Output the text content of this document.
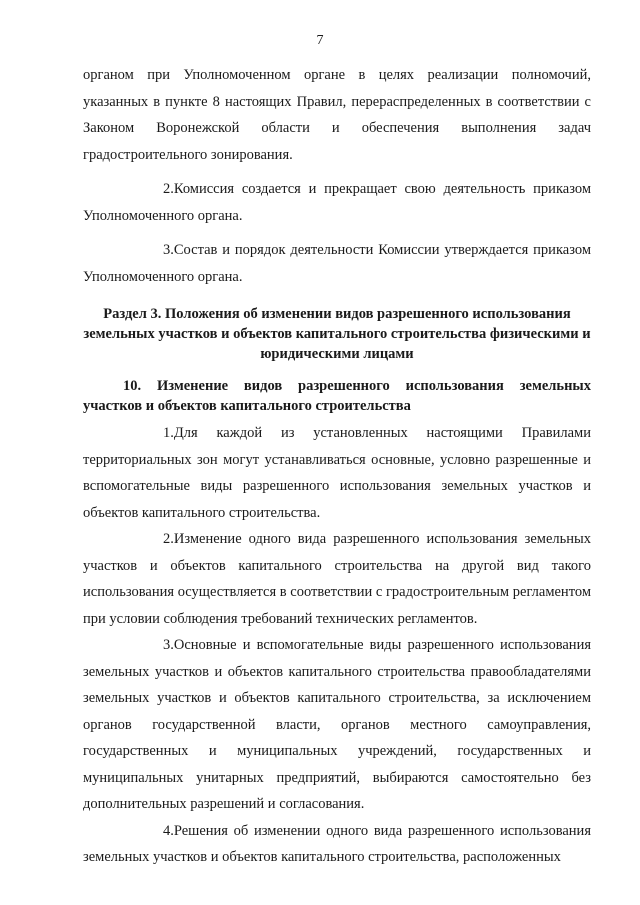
7

органом при Уполномоченном органе в целях реализации полномочий, указанных в пункте 8 настоящих Правил, перераспределенных в соответствии с Законом Воронежской области и обеспечения выполнения задач градостроительного зонирования.

2.Комиссия создается и прекращает свою деятельность приказом Уполномоченного органа.

3.Состав и порядок деятельности Комиссии утверждается приказом Уполномоченного органа.

Раздел 3. Положения об изменении видов разрешенного использования земельных участков и объектов капитального строительства физическими и юридическими лицами
10. Изменение видов разрешенного использования земельных участков и объектов капитального строительства

1.Для каждой из установленных настоящими Правилами территориальных зон могут устанавливаться основные, условно разрешенные и вспомогательные виды разрешенного использования земельных участков и объектов капитального строительства.

2.Изменение одного вида разрешенного использования земельных участков и объектов капитального строительства на другой вид такого использования осуществляется в соответствии с градостроительным регламентом при условии соблюдения требований технических регламентов.

3.Основные и вспомогательные виды разрешенного использования земельных участков и объектов капитального строительства правообладателями земельных участков и объектов капитального строительства, за исключением органов государственной власти, органов местного самоуправления, государственных и муниципальных учреждений, государственных и муниципальных унитарных предприятий, выбираются самостоятельно без дополнительных разрешений и согласования.

4.Решения об изменении одного вида разрешенного использования земельных участков и объектов капитального строительства, расположенных
